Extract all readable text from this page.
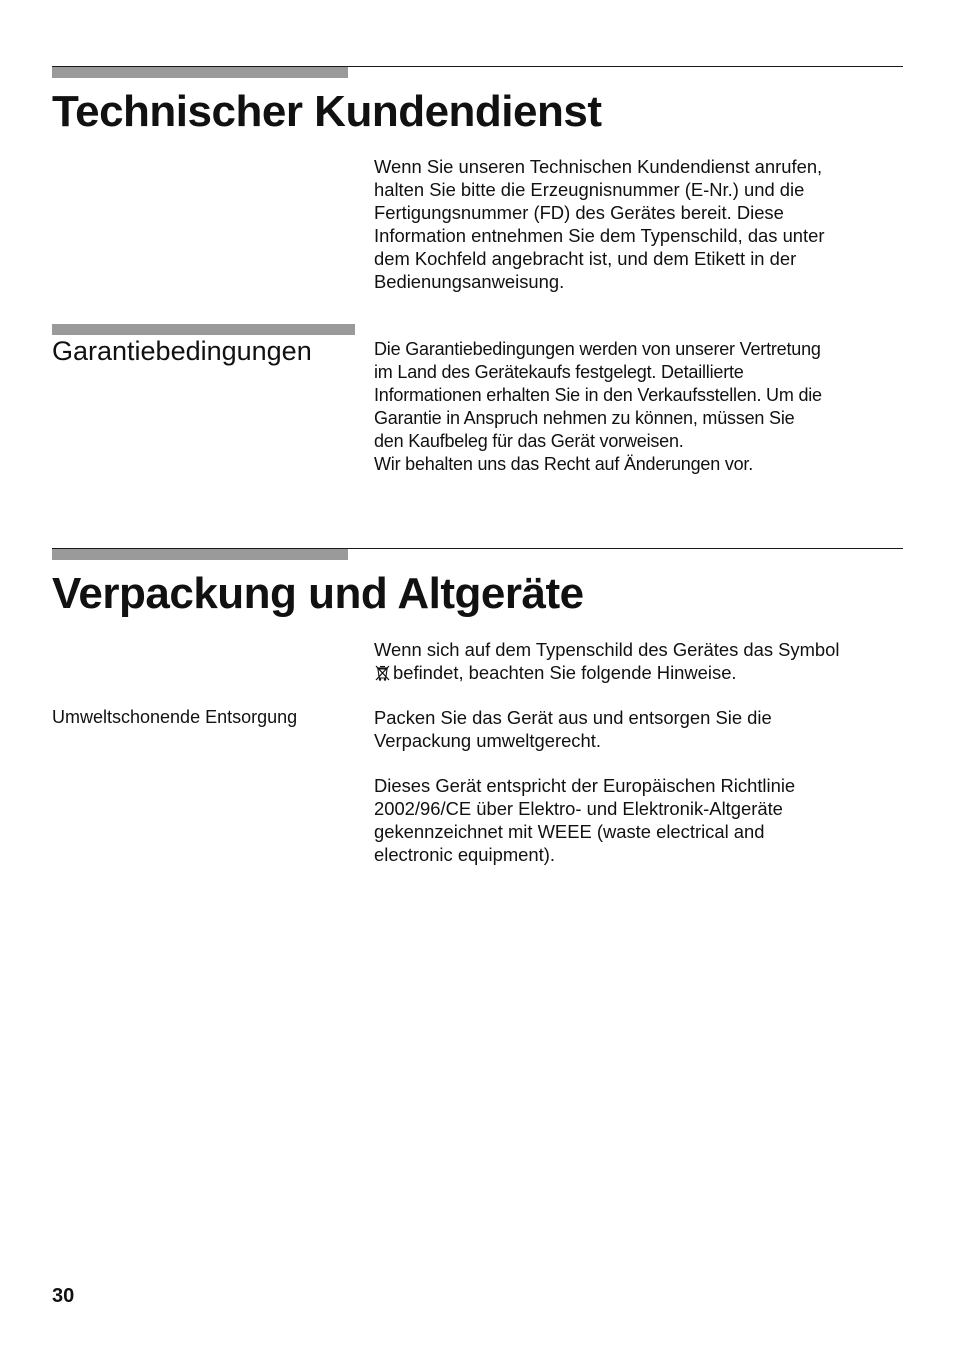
Technischer Kundendienst
Wenn Sie unseren Technischen Kundendienst anrufen,
halten Sie bitte die Erzeugnisnummer (E-Nr.) und die
Fertigungsnummer (FD) des Gerätes bereit. Diese
Information entnehmen Sie dem Typenschild, das unter
dem Kochfeld angebracht ist, und dem Etikett in der
Bedienungsanweisung.
Garantiebedingungen	Die Garantiebedingungen werden von unserer Vertretung
im Land des Gerätekaufs festgelegt. Detaillierte
Informationen erhalten Sie in den Verkaufsstellen. Um die
Garantie in Anspruch nehmen zu können, müssen Sie
den Kaufbeleg für das Gerät vorweisen.
Wir behalten uns das Recht auf Änderungen vor.
Verpackung und Altgeräte
Wenn sich auf dem Typenschild des Gerätes das Symbol
befindet, beachten Sie folgende Hinweise.
Umweltschonende Entsorgung	Packen Sie das Gerät aus und entsorgen Sie die
Verpackung umweltgerecht.
Dieses Gerät entspricht der Europäischen Richtlinie
2002/96/CE über Elektro- und Elektronik-Altgeräte
gekennzeichnet mit WEEE (waste electrical and
electronic equipment).
30
